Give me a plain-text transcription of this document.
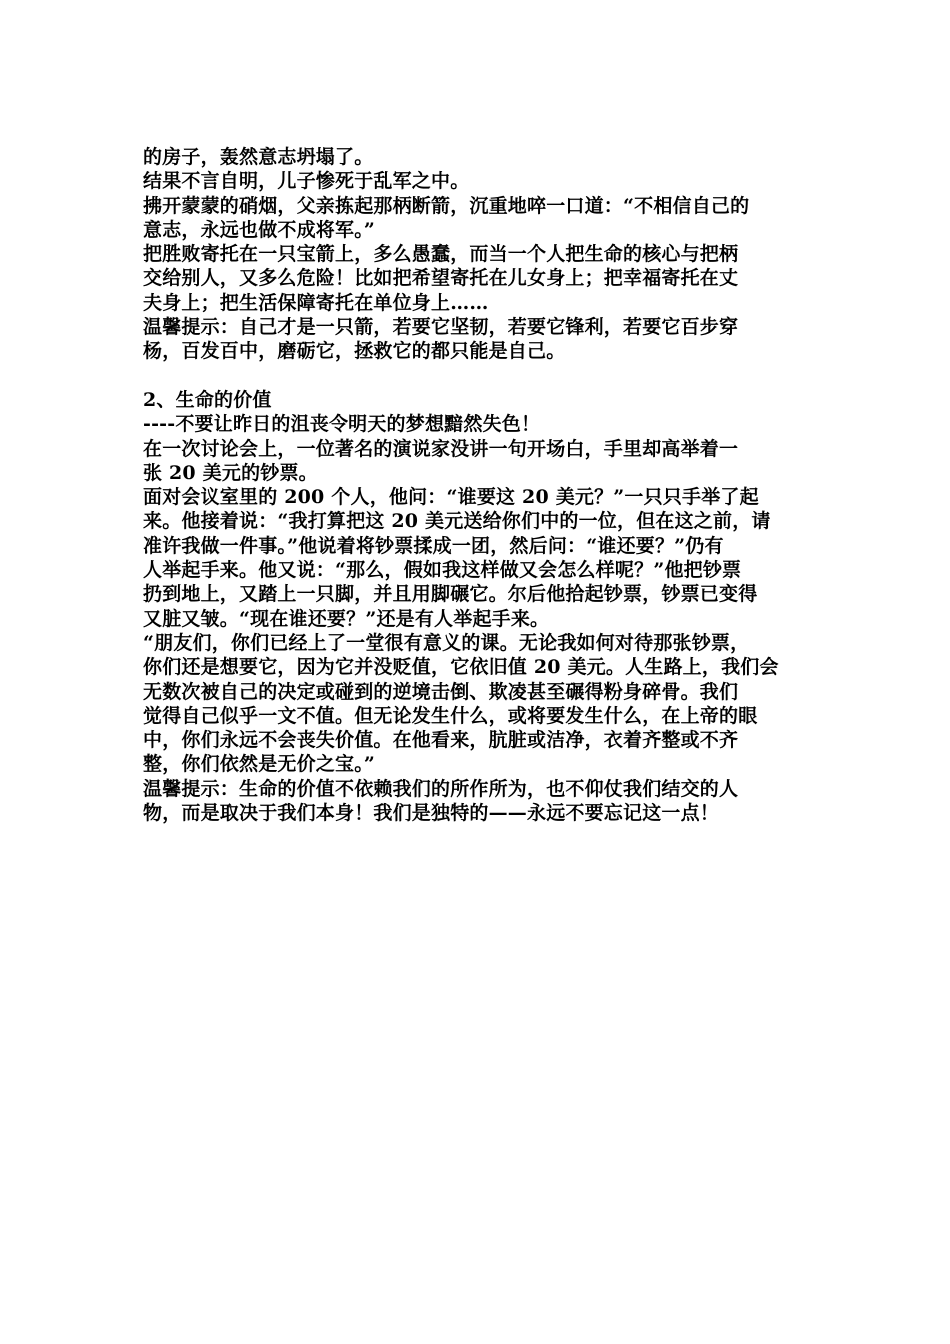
的房子，轰然意志坍塌了。
结果不言自明，儿子惨死于乱军之中。
拂开蒙蒙的硝烟，父亲拣起那柄断箭，沉重地啐一口道：“不相信自己的
意志，永远也做不成将军。”
把胜败寄托在一只宝箭上，多么愚蠢，而当一个人把生命的核心与把柄
交给别人，又多么危险！比如把希望寄托在儿女身上；把幸福寄托在丈
夫身上；把生活保障寄托在单位身上……
温馨提示：自己才是一只箭，若要它坚韧，若要它锋利，若要它百步穿
杨，百发百中，磨砺它，拯救它的都只能是自己。
2、生命的价值
----不要让昨日的沮丧令明天的梦想黯然失色！
在一次讨论会上，一位著名的演说家没讲一句开场白，手里却高举着一
张 20 美元的钞票。
面对会议室里的 200 个人，他问：“谁要这 20 美元？”一只只手举了起
来。他接着说：“我打算把这 20 美元送给你们中的一位，但在这之前，请
准许我做一件事。”他说着将钞票揉成一团，然后问：“谁还要？”仍有
人举起手来。他又说：“那么，假如我这样做又会怎么样呢？”他把钞票
扔到地上，又踏上一只脚，并且用脚碾它。尔后他拾起钞票，钞票已变得
又脏又皱。“现在谁还要？”还是有人举起手来。
“朋友们，你们已经上了一堂很有意义的课。无论我如何对待那张钞票，
你们还是想要它，因为它并没贬值，它依旧值 20 美元。人生路上，我们会
无数次被自己的决定或碰到的逆境击倒、欺凌甚至碾得粉身碎骨。我们
觉得自己似乎一文不值。但无论发生什么，或将要发生什么，在上帝的眼
中，你们永远不会丧失价值。在他看来，肮脏或洁净，衣着齐整或不齐
整，你们依然是无价之宝。”
温馨提示：生命的价值不依赖我们的所作所为，也不仰仗我们结交的人
物，而是取决于我们本身！我们是独特的——永远不要忘记这一点！
